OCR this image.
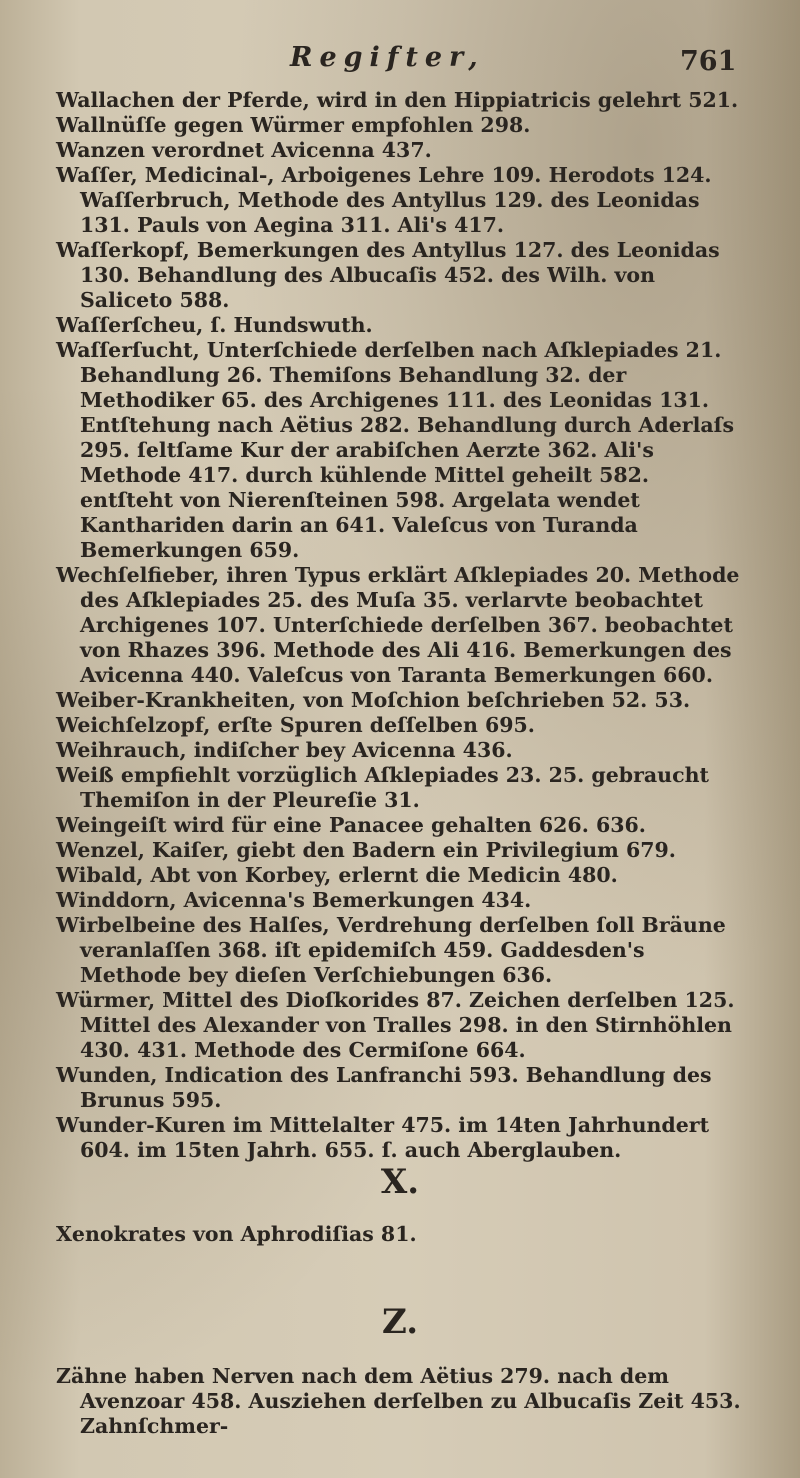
Regifter,	761

Wallachen der Pferde, wird in den Hippiatricis gelehrt 521.

Wallnüſſe gegen Würmer empfohlen 298.

Wanzen verordnet Avicenna 437.

Waſſer, Medicinal-, Arboigenes Lehre 109. Herodots 124. Waſſerbruch, Methode des Antyllus 129. des Leonidas 131. Pauls von Aegina 311. Ali's 417.

Waſſerkopf, Bemerkungen des Antyllus 127. des Leonidas 130. Behandlung des Albucaſis 452. des Wilh. von Saliceto 588.

Waſſerſcheu, ſ. Hundswuth.

Waſſerſucht, Unterſchiede derſelben nach Aſklepiades 21. Behandlung 26. Themiſons Behandlung 32. der Methodiker 65. des Archigenes 111. des Leonidas 131. Entſtehung nach Aëtius 282. Behandlung durch Aderlaſs 295. ſeltſame Kur der arabiſchen Aerzte 362. Ali's Methode 417. durch kühlende Mittel geheilt 582. entſteht von Nierenſteinen 598. Argelata wendet Kanthariden darin an 641. Valeſcus von Turanda Bemerkungen 659.

Wechſelfieber, ihren Typus erklärt Aſklepiades 20. Methode des Aſklepiades 25. des Muſa 35. verlarvte beobachtet Archigenes 107. Unterſchiede derſelben 367. beobachtet von Rhazes 396. Methode des Ali 416. Bemerkungen des Avicenna 440. Valeſcus von Taranta Bemerkungen 660.

Weiber-Krankheiten, von Moſchion beſchrieben 52. 53.

Weichſelzopf, erſte Spuren deſſelben 695.

Weihrauch, indiſcher bey Avicenna 436.

Weiß empfiehlt vorzüglich Aſklepiades 23. 25. gebraucht Themiſon in der Pleureſie 31.

Weingeiſt wird für eine Panacee gehalten 626. 636.

Wenzel, Kaiſer, giebt den Badern ein Privilegium 679.

Wibald, Abt von Korbey, erlernt die Medicin 480.

Winddorn, Avicenna's Bemerkungen 434.

Wirbelbeine des Halſes, Verdrehung derſelben ſoll Bräune veranlaſſen 368. iſt epidemiſch 459. Gaddesden's Methode bey dieſen Verſchiebungen 636.

Würmer, Mittel des Dioſkorides 87. Zeichen derſelben 125. Mittel des Alexander von Tralles 298. in den Stirnhöhlen 430. 431. Methode des Cermiſone 664.

Wunden, Indication des Lanfranchi 593. Behandlung des Brunus 595.

Wunder-Kuren im Mittelalter 475. im 14ten Jahrhundert 604. im 15ten Jahrh. 655. ſ. auch Aberglauben.

X.

Xenokrates von Aphrodiſias 81.

Z.

Zähne haben Nerven nach dem Aëtius 279. nach dem Avenzoar 458. Ausziehen derſelben zu Albucaſis Zeit 453. Zahnſchmer-
